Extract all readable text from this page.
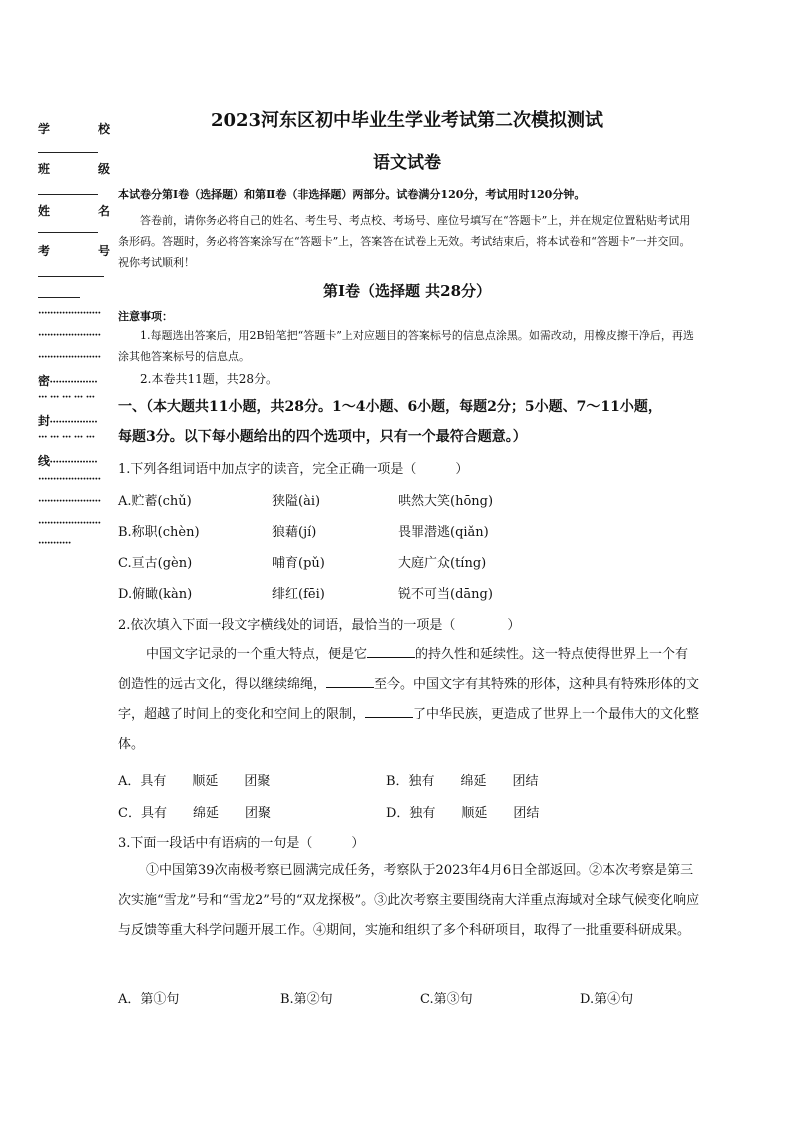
学	校
班	级
姓	名
考	号
·····················
·····················
·····················
密················
··· ··· ··· ··· ···
封················
··· ··· ··· ··· ···
线················
·····················
·····················
·····················
···········
2023河东区初中毕业生学业考试第二次模拟测试
语文试卷
本试卷分第Ⅰ卷（选择题）和第Ⅱ卷（非选择题）两部分。试卷满分120分，考试用时120分钟。
答卷前，请你务必将自己的姓名、考生号、考点校、考场号、座位号填写在“答题卡”上，并在规定位置粘贴考试用条形码。答题时，务必将答案涂写在“答题卡”上，答案答在试卷上无效。考试结束后，将本试卷和“答题卡”一并交回。祝你考试顺利！
第Ⅰ卷（选择题 共28分）
注意事项：
1.每题选出答案后，用2B铅笔把“答题卡”上对应题目的答案标号的信息点涂黑。如需改动，用橡皮擦干净后，再选涂其他答案标号的信息点。
2.本卷共11题，共28分。
一、（本大题共11小题，共28分。1～4小题、6小题，每题2分；5小题、7～11小题，
每题3分。以下每小题给出的四个选项中，只有一个最符合题意。）
1.下列各组词语中加点字的读音，完全正确一项是（　　　）
A.贮蓄(chǔ)	狭隘(ài)	哄然大笑(hōng)
B.称职(chèn)	狼藉(jí)	畏罪潜逃(qiǎn)
C.亘古(gèn)	哺育(pǔ)	大庭广众(tíng)
D.俯瞰(kàn)	绯红(fēi)	锐不可当(dāng)
2.依次填入下面一段文字横线处的词语，最恰当的一项是（　　　　）
中国文字记录的一个重大特点，便是它	的持久性和延续性。这一特点使得世界上一个有创造性的远古文化，得以继续绵绳，	至今。中国文字有其特殊的形体，这种具有特殊形体的文字，超越了时间上的变化和空间上的限制，	了中华民族，更造成了世界上一个最伟大的文化整体。
A．具有　　顺延　　团聚	B．独有　　绵延　　团结
C．具有　　绵延　　团聚	D．独有　　顺延　　团结
3.下面一段话中有语病的一句是（　　　）
①中国第39次南极考察已圆满完成任务，考察队于2023年4月6日全部返回。②本次考察是第三次实施“雪龙”号和“雪龙2”号的“双龙探极”。③此次考察主要围绕南大洋重点海域对全球气候变化响应与反馈等重大科学问题开展工作。④期间，实施和组织了多个科研项目，取得了一批重要科研成果。
A．第①句	B.第②句	C.第③句	D.第④句
